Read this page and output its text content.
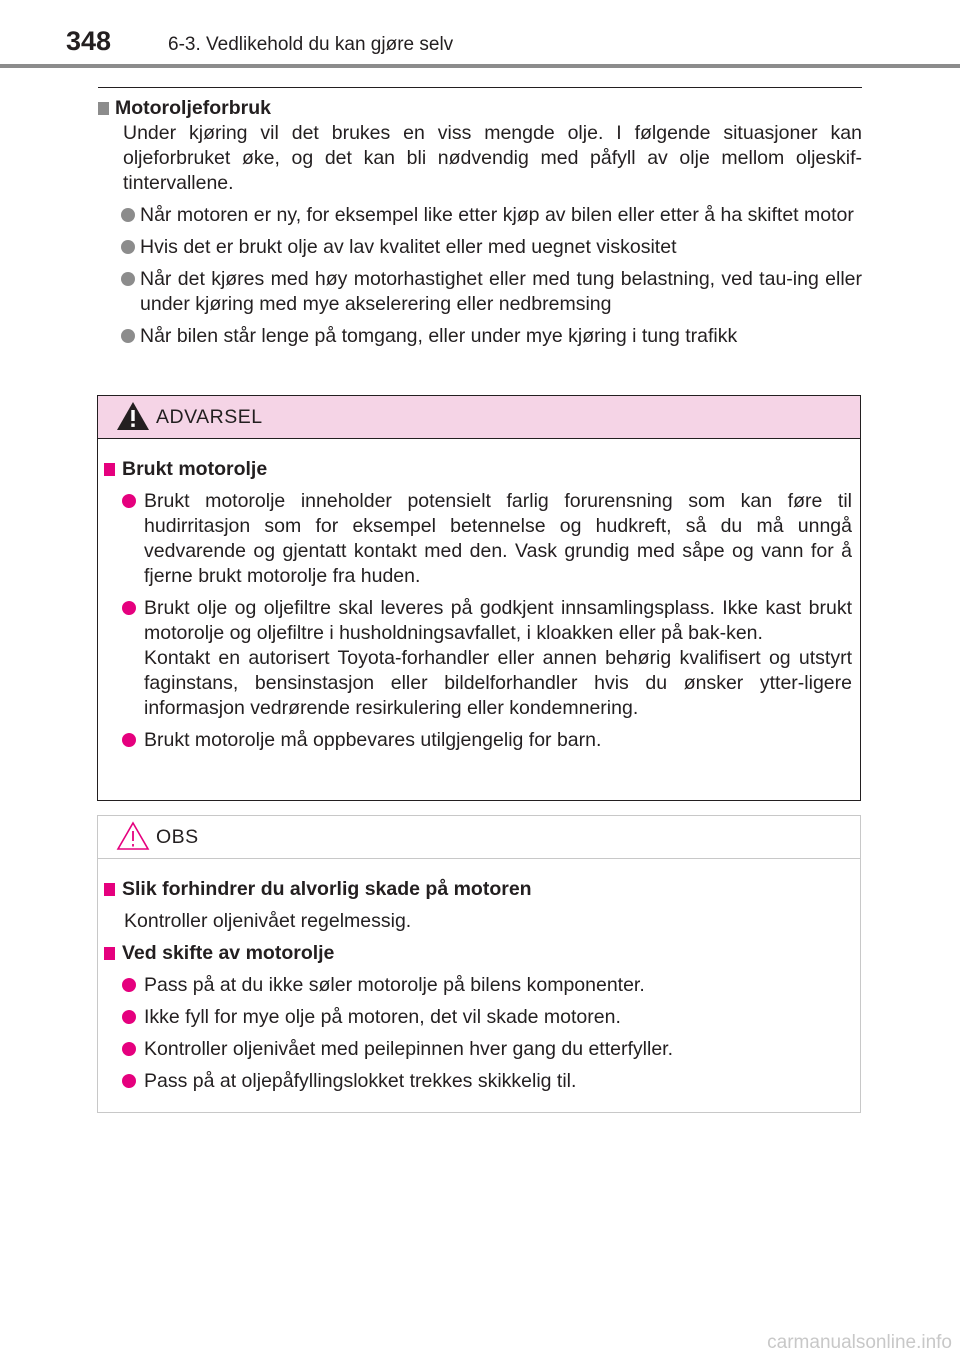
348	6-3. Vedlikehold du kan gjøre selv

Motoroljeforbruk

Under kjøring vil det brukes en viss mengde olje. I følgende situasjoner kan oljeforbruket øke, og det kan bli nødvendig med påfyll av olje mellom oljeskif-tintervallene.

Når motoren er ny, for eksempel like etter kjøp av bilen eller etter å ha skiftet motor

Hvis det er brukt olje av lav kvalitet eller med uegnet viskositet

Når det kjøres med høy motorhastighet eller med tung belastning, ved tau-ing eller under kjøring med mye akselerering eller nedbremsing

Når bilen står lenge på tomgang, eller under mye kjøring i tung trafikk

ADVARSEL

Brukt motorolje

Brukt motorolje inneholder potensielt farlig forurensning som kan føre til hudirritasjon som for eksempel betennelse og hudkreft, så du må unngå vedvarende og gjentatt kontakt med den. Vask grundig med såpe og vann for å fjerne brukt motorolje fra huden.

Brukt olje og oljefiltre skal leveres på godkjent innsamlingsplass. Ikke kast brukt motorolje og oljefiltre i husholdningsavfallet, i kloakken eller på bak-ken.

Kontakt en autorisert Toyota-forhandler eller annen behørig kvalifisert og utstyrt faginstans, bensinstasjon eller bildelforhandler hvis du ønsker ytter-ligere informasjon vedrørende resirkulering eller kondemnering.

Brukt motorolje må oppbevares utilgjengelig for barn.

OBS

Slik forhindrer du alvorlig skade på motoren

Kontroller oljenivået regelmessig.

Ved skifte av motorolje

Pass på at du ikke søler motorolje på bilens komponenter.

Ikke fyll for mye olje på motoren, det vil skade motoren.

Kontroller oljenivået med peilepinnen hver gang du etterfyller.

Pass på at oljepåfyllingslokket trekkes skikkelig til.

carmanualsonline.info
